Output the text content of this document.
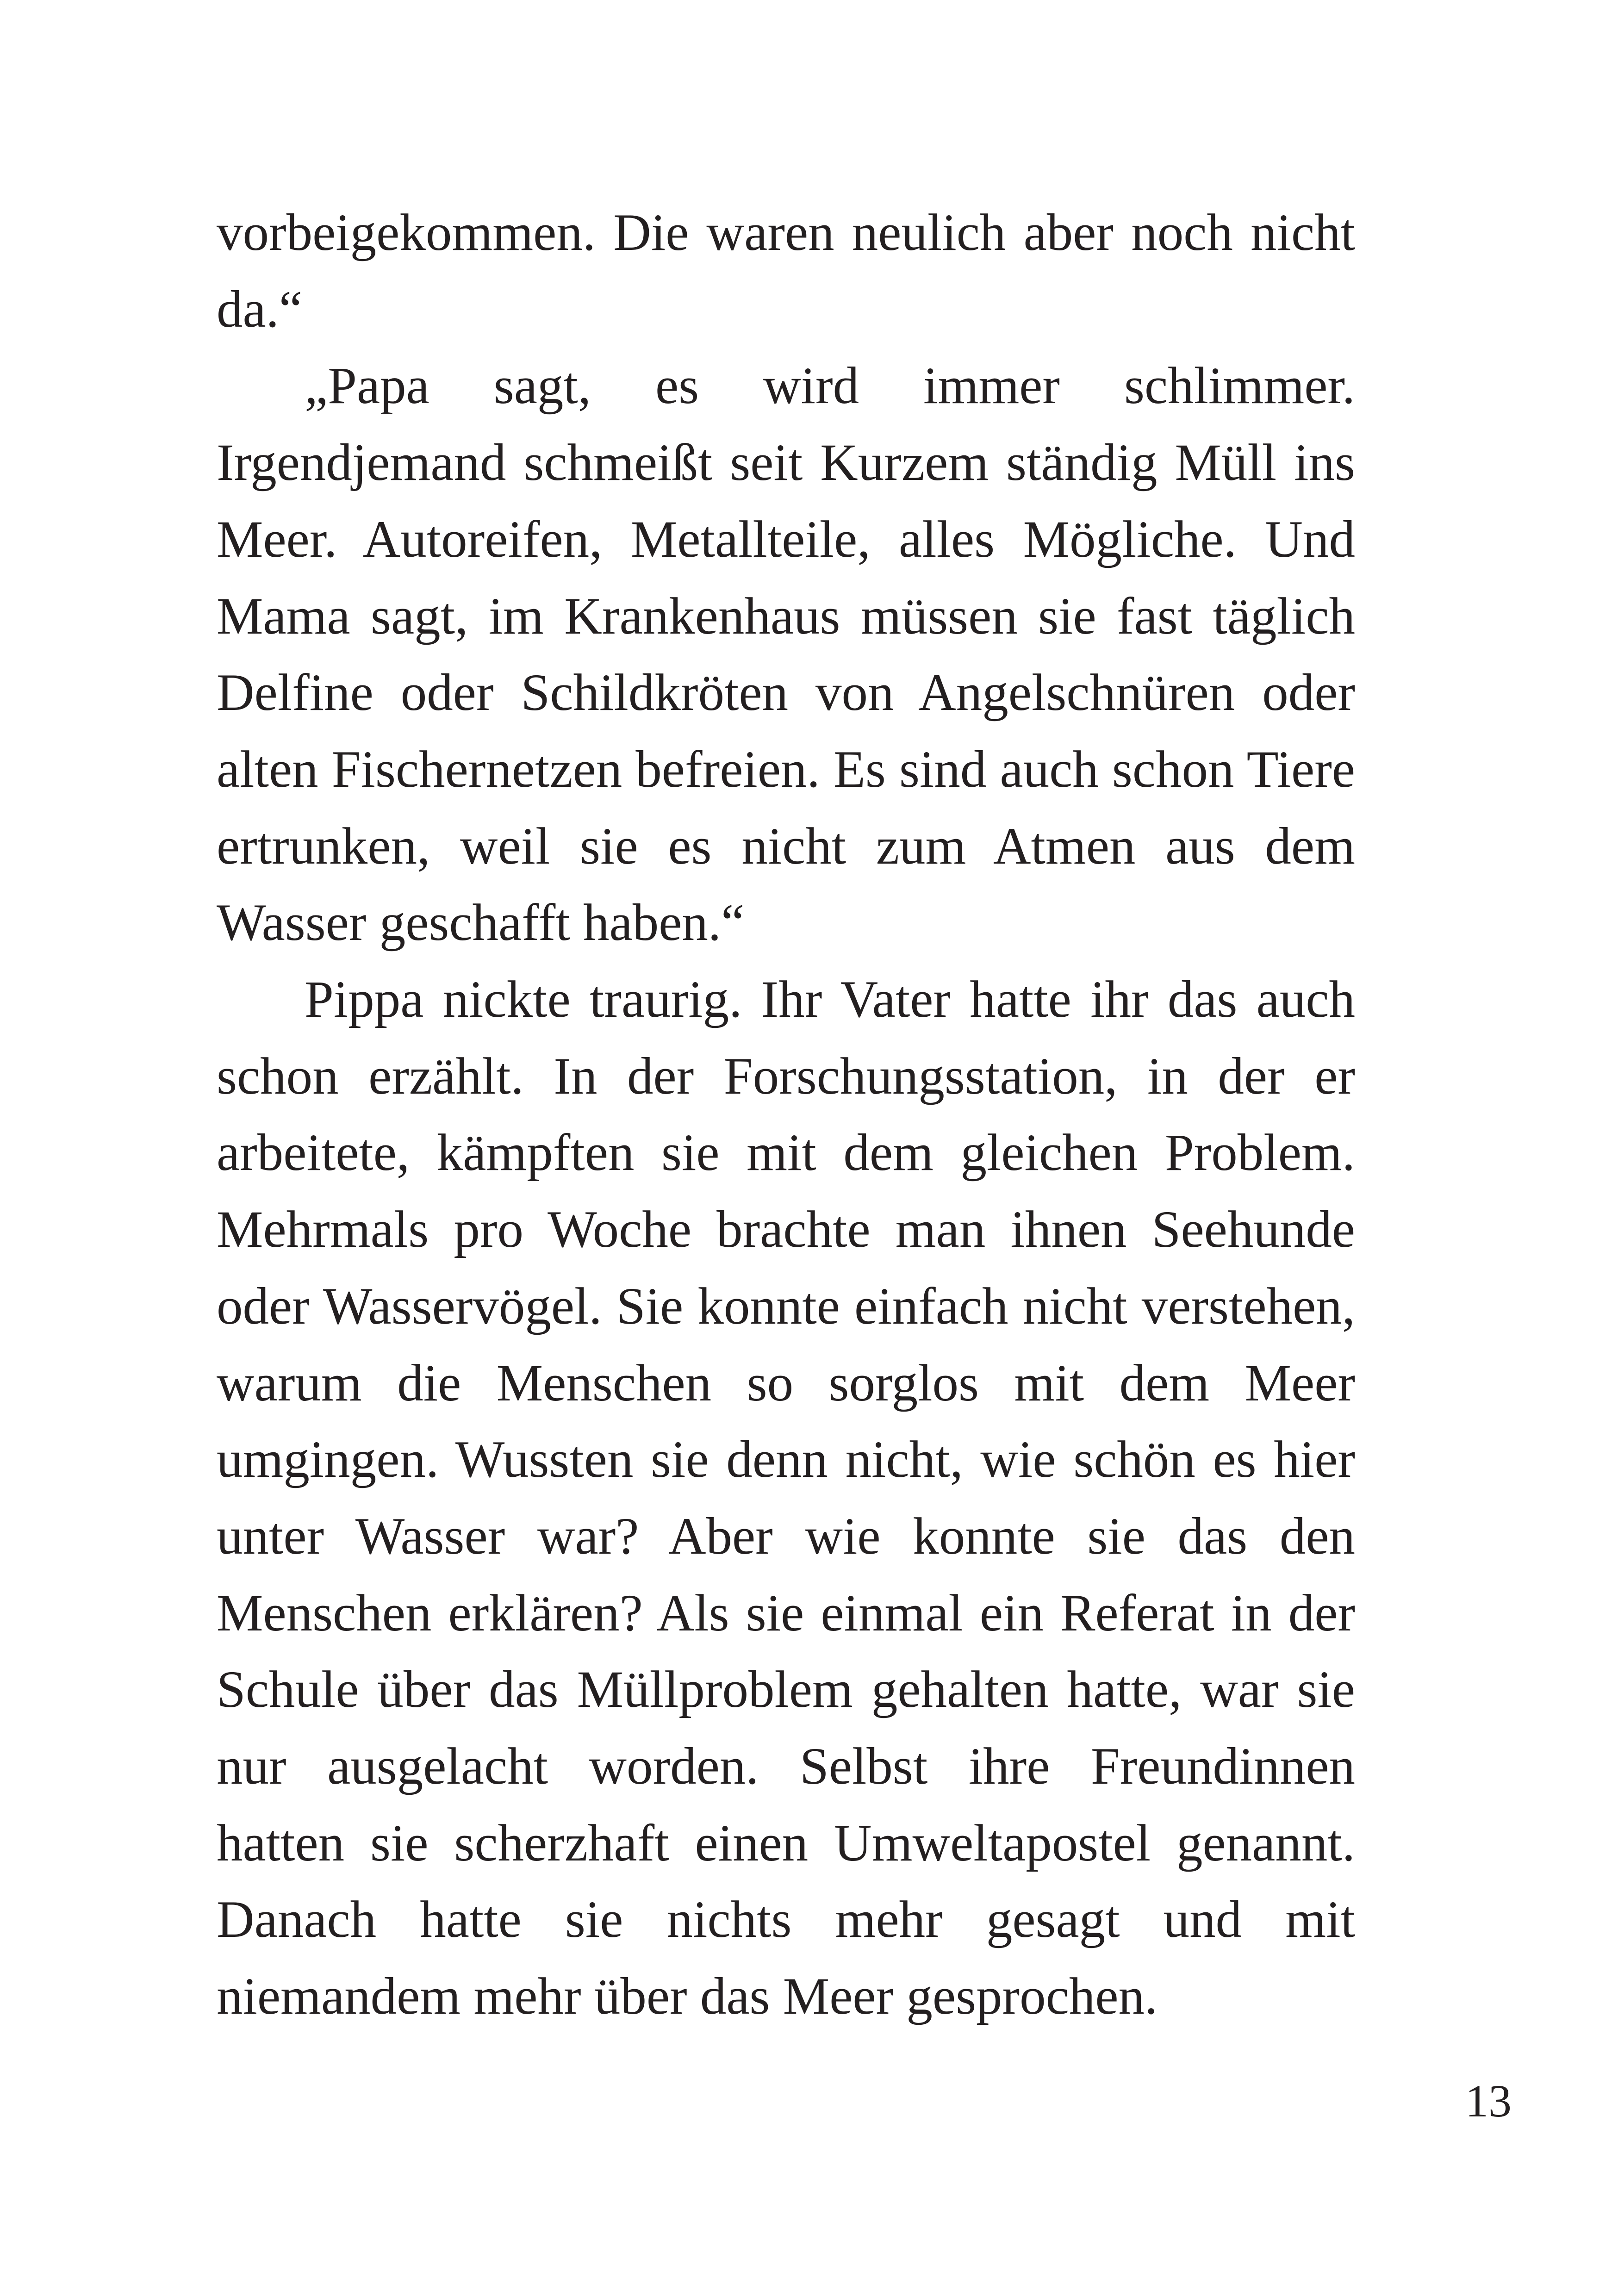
vorbeigekommen. Die waren neulich aber noch nicht da.“

„Papa sagt, es wird immer schlimmer. Irgendjemand schmeißt seit Kurzem ständig Müll ins Meer. Autoreifen, Metallteile, alles Mögliche. Und Mama sagt, im Krankenhaus müssen sie fast täglich Delfine oder Schildkröten von Angelschnüren oder alten Fischernetzen befreien. Es sind auch schon Tiere ertrunken, weil sie es nicht zum Atmen aus dem Wasser geschafft haben.“

Pippa nickte traurig. Ihr Vater hatte ihr das auch schon erzählt. In der Forschungsstation, in der er arbeitete, kämpften sie mit dem gleichen Problem. Mehrmals pro Woche brachte man ihnen Seehunde oder Wasservögel. Sie konnte einfach nicht verstehen, warum die Menschen so sorglos mit dem Meer umgingen. Wussten sie denn nicht, wie schön es hier unter Wasser war? Aber wie konnte sie das den Menschen erklären? Als sie einmal ein Referat in der Schule über das Müllproblem gehalten hatte, war sie nur ausgelacht worden. Selbst ihre Freundinnen hatten sie scherzhaft einen Umweltapostel genannt. Danach hatte sie nichts mehr gesagt und mit niemandem mehr über das Meer gesprochen.

13
